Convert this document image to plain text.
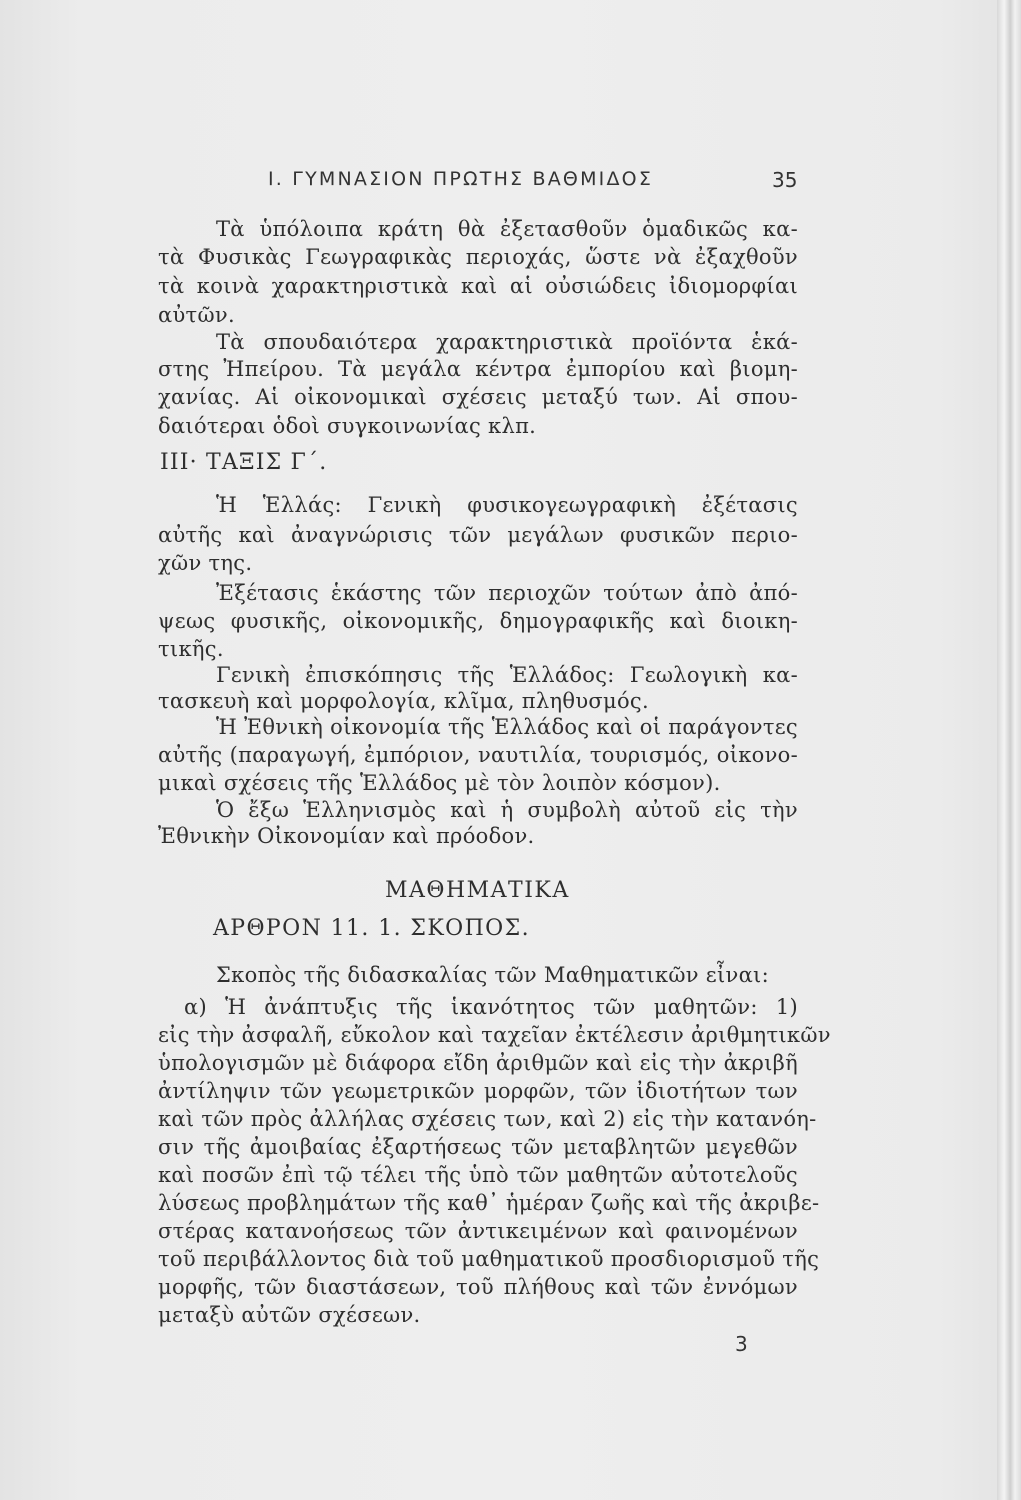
Ι. ΓΥΜΝΑΣΙΟΝ ΠΡΩΤΗΣ ΒΑΘΜΙΔΟΣ	35
Τὰ ὑπόλοιπα κράτη θὰ ἐξετασθοῦν ὁμαδικῶς κα-
τὰ Φυσικὰς Γεωγραφικὰς περιοχάς, ὥστε νὰ ἐξαχθοῦν
τὰ κοινὰ χαρακτηριστικὰ καὶ αἱ οὐσιώδεις ἰδιομορφίαι
αὐτῶν.
Τὰ σπουδαιότερα χαρακτηριστικὰ προϊόντα ἑκά-
στης Ἠπείρου. Τὰ μεγάλα κέντρα ἐμπορίου καὶ βιομη-
χανίας. Αἱ οἰκονομικαὶ σχέσεις μεταξύ των. Αἱ σπου-
δαιότεραι ὁδοὶ συγκοινωνίας κλπ.
ΙΙΙ· ΤΑΞΙΣ Γ΄.
Ἡ Ἑλλάς: Γενικὴ φυσικογεωγραφικὴ ἐξέτασις
αὐτῆς καὶ ἀναγνώρισις τῶν μεγάλων φυσικῶν περιο-
χῶν της.
Ἐξέτασις ἑκάστης τῶν περιοχῶν τούτων ἀπὸ ἀπό-
ψεως φυσικῆς, οἰκονομικῆς, δημογραφικῆς καὶ διοικη-
τικῆς.
Γενικὴ ἐπισκόπησις τῆς Ἑλλάδος: Γεωλογικὴ κα-
τασκευὴ καὶ μορφολογία, κλῖμα, πληθυσμός.
Ἡ Ἐθνικὴ οἰκονομία τῆς Ἑλλάδος καὶ οἱ παράγοντες
αὐτῆς (παραγωγή, ἐμπόριον, ναυτιλία, τουρισμός, οἰκονο-
μικαὶ σχέσεις τῆς Ἑλλάδος μὲ τὸν λοιπὸν κόσμον).
Ὁ ἔξω Ἑλληνισμὸς καὶ ἡ συμβολὴ αὐτοῦ εἰς τὴν
Ἐθνικὴν Οἰκονομίαν καὶ πρόοδον.
ΜΑΘΗΜΑΤΙΚΑ
ΑΡΘΡΟΝ 11. 1. ΣΚΟΠΟΣ.
Σκοπὸς τῆς διδασκαλίας τῶν Μαθηματικῶν εἶναι:
α) Ἡ ἀνάπτυξις τῆς ἱκανότητος τῶν μαθητῶν: 1)
εἰς τὴν ἀσφαλῆ, εὔκολον καὶ ταχεῖαν ἐκτέλεσιν ἀριθμητικῶν
ὑπολογισμῶν μὲ διάφορα εἴδη ἀριθμῶν καὶ εἰς τὴν ἀκριβῆ
ἀντίληψιν τῶν γεωμετρικῶν μορφῶν, τῶν ἰδιοτήτων των
καὶ τῶν πρὸς ἀλλήλας σχέσεις των, καὶ 2) εἰς τὴν κατανόη-
σιν τῆς ἀμοιβαίας ἐξαρτήσεως τῶν μεταβλητῶν μεγεθῶν
καὶ ποσῶν ἐπὶ τῷ τέλει τῆς ὑπὸ τῶν μαθητῶν αὐτοτελοῦς
λύσεως προβλημάτων τῆς καθ᾿ ἡμέραν ζωῆς καὶ τῆς ἀκριβε-
στέρας κατανοήσεως τῶν ἀντικειμένων καὶ φαινομένων
τοῦ περιβάλλοντος διὰ τοῦ μαθηματικοῦ προσδιορισμοῦ τῆς
μορφῆς, τῶν διαστάσεων, τοῦ πλήθους καὶ τῶν ἐννόμων
μεταξὺ αὐτῶν σχέσεων.
3
